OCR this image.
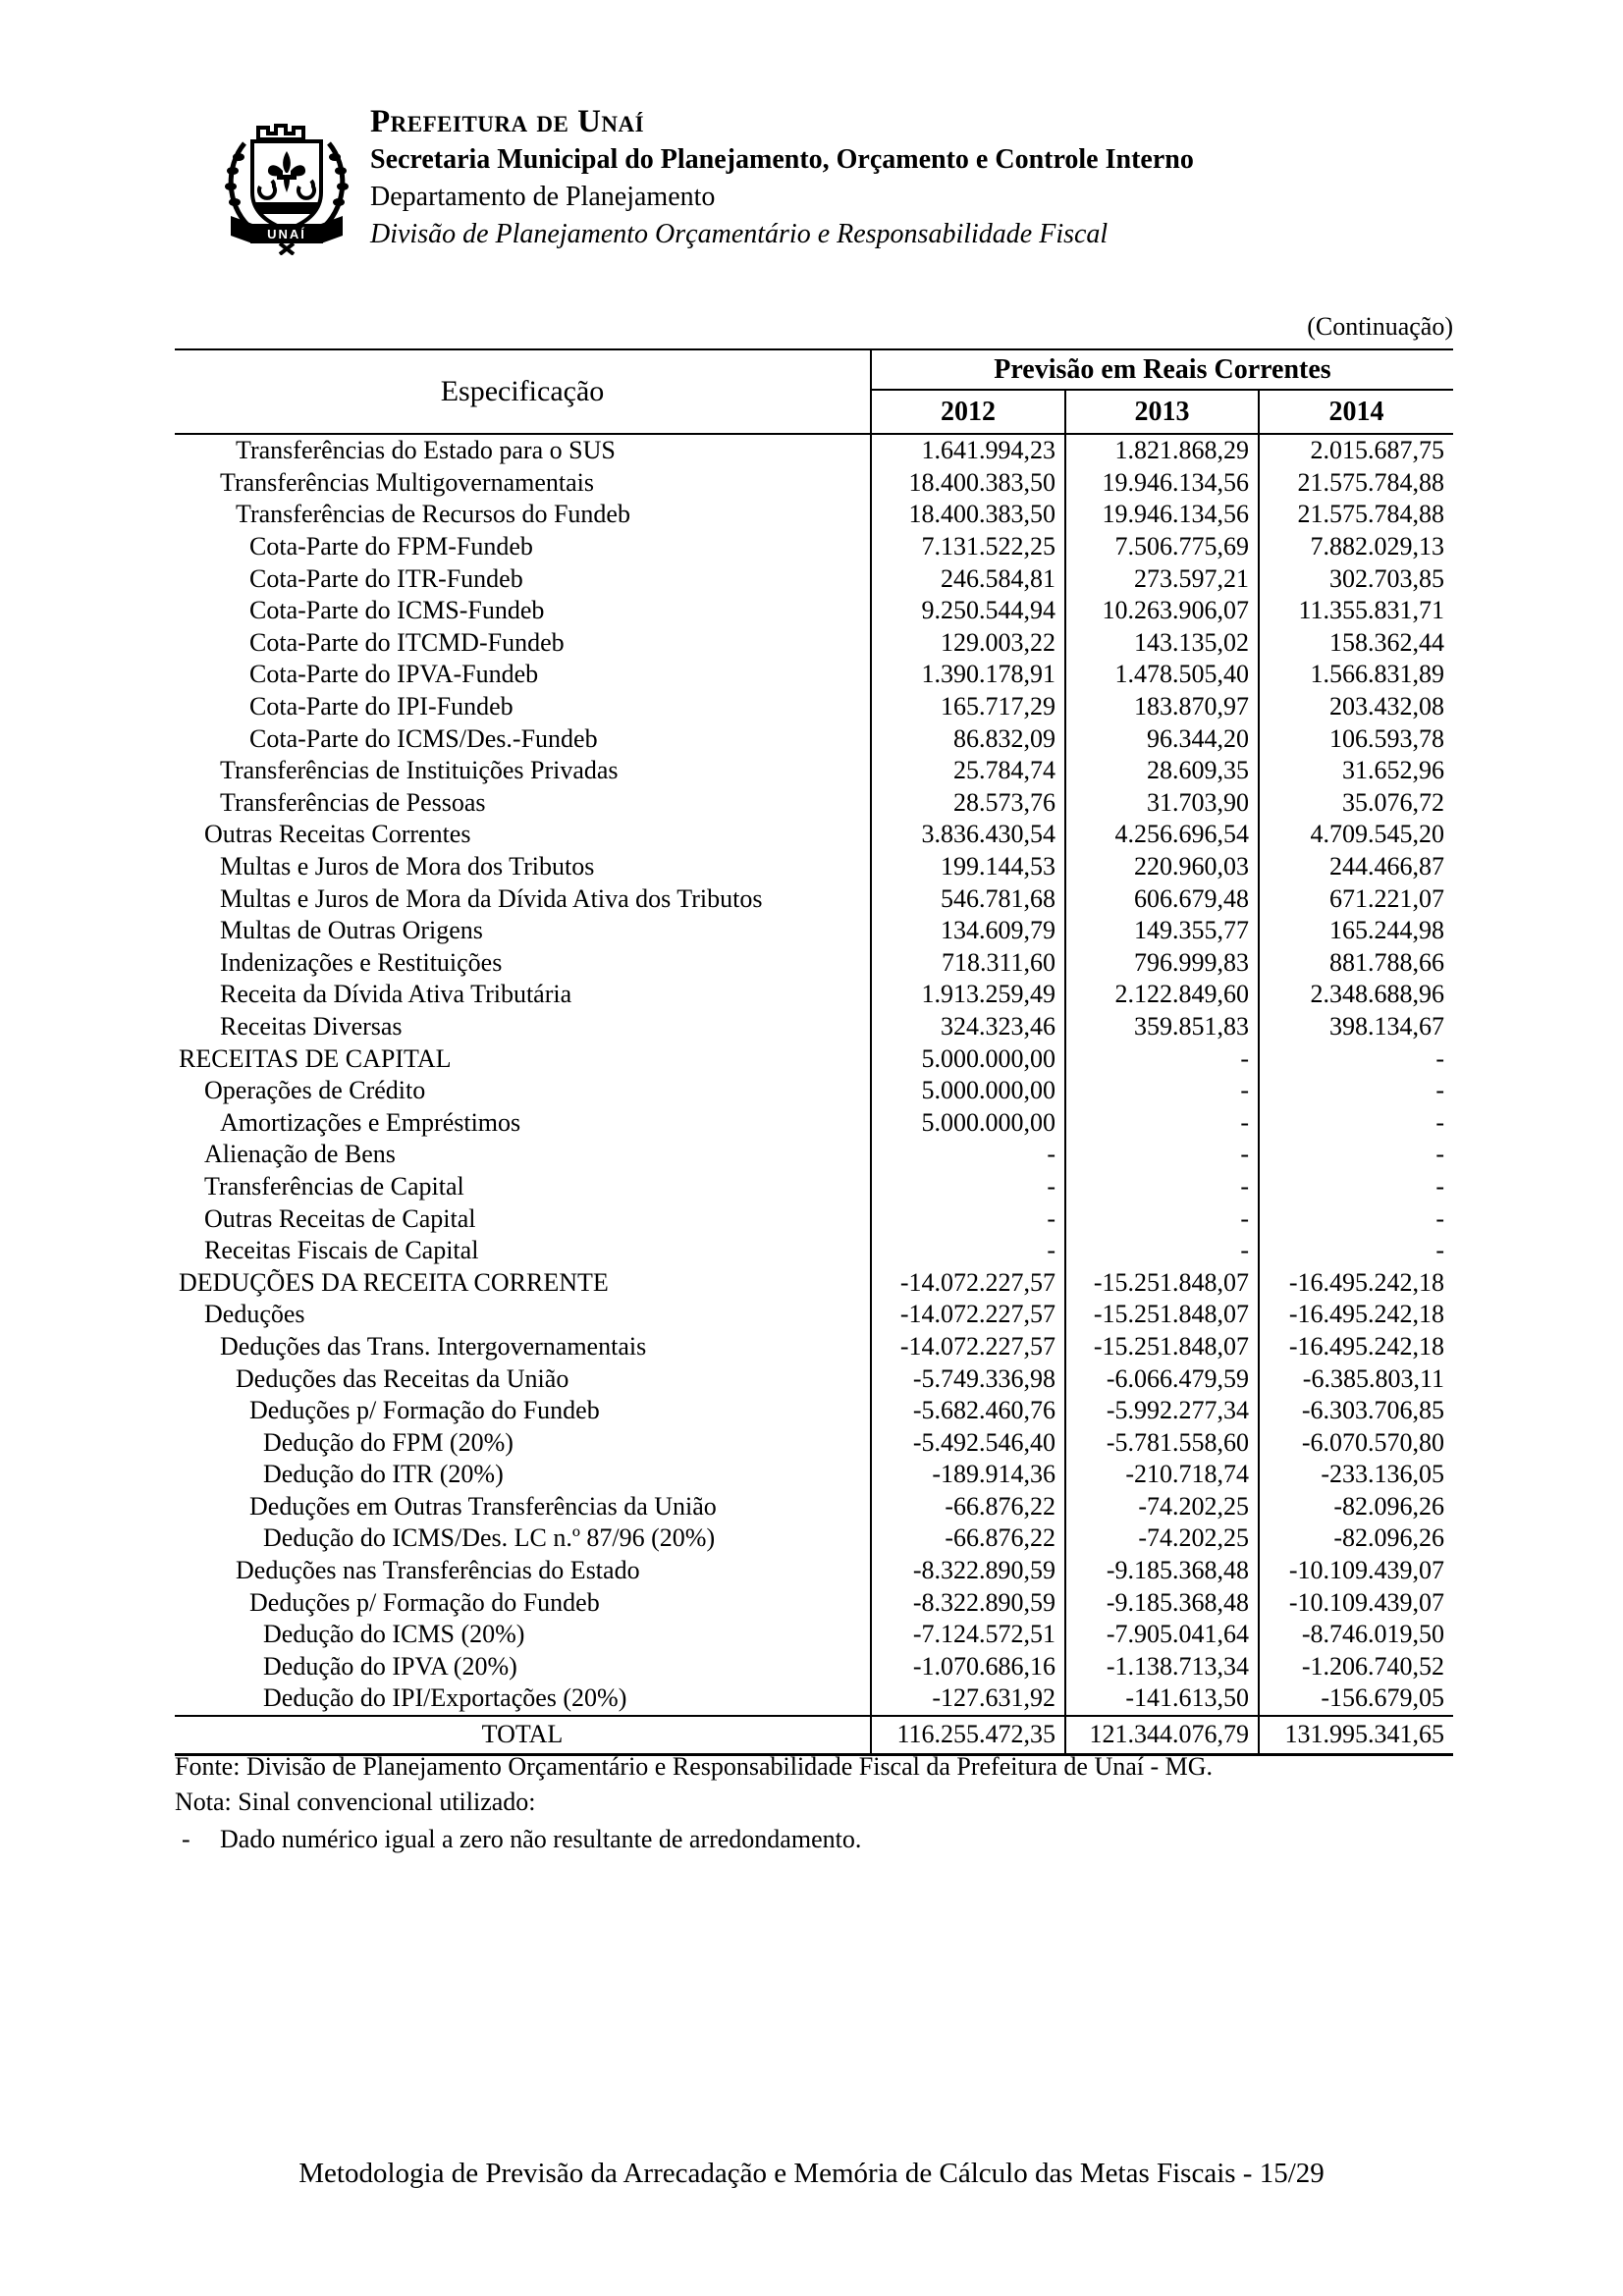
UNAÍ
Prefeitura de Unaí
Secretaria Municipal do Planejamento, Orçamento e Controle Interno
Departamento de Planejamento
Divisão de Planejamento Orçamentário e Responsabilidade Fiscal
(Continuação)
Especificação	Previsão em Reais Correntes		
	2012	2013	2014
Transferências do Estado para o SUS	1.641.994,23	1.821.868,29	2.015.687,75
Transferências Multigovernamentais	18.400.383,50	19.946.134,56	21.575.784,88
Transferências de Recursos do Fundeb	18.400.383,50	19.946.134,56	21.575.784,88
Cota-Parte do FPM-Fundeb	7.131.522,25	7.506.775,69	7.882.029,13
Cota-Parte do ITR-Fundeb	246.584,81	273.597,21	302.703,85
Cota-Parte do ICMS-Fundeb	9.250.544,94	10.263.906,07	11.355.831,71
Cota-Parte do ITCMD-Fundeb	129.003,22	143.135,02	158.362,44
Cota-Parte do IPVA-Fundeb	1.390.178,91	1.478.505,40	1.566.831,89
Cota-Parte do IPI-Fundeb	165.717,29	183.870,97	203.432,08
Cota-Parte do ICMS/Des.-Fundeb	86.832,09	96.344,20	106.593,78
Transferências de Instituições Privadas	25.784,74	28.609,35	31.652,96
Transferências de Pessoas	28.573,76	31.703,90	35.076,72
Outras Receitas Correntes	3.836.430,54	4.256.696,54	4.709.545,20
Multas e Juros de Mora dos Tributos	199.144,53	220.960,03	244.466,87
Multas e Juros de Mora da Dívida Ativa dos Tributos	546.781,68	606.679,48	671.221,07
Multas de Outras Origens	134.609,79	149.355,77	165.244,98
Indenizações e Restituições	718.311,60	796.999,83	881.788,66
Receita da Dívida Ativa Tributária	1.913.259,49	2.122.849,60	2.348.688,96
Receitas Diversas	324.323,46	359.851,83	398.134,67
RECEITAS DE CAPITAL	5.000.000,00	-	-
Operações de Crédito	5.000.000,00	-	-
Amortizações e Empréstimos	5.000.000,00	-	-
Alienação de Bens	-	-	-
Transferências de Capital	-	-	-
Outras Receitas de Capital	-	-	-
Receitas Fiscais de Capital	-	-	-
DEDUÇÕES DA RECEITA CORRENTE	-14.072.227,57	-15.251.848,07	-16.495.242,18
Deduções	-14.072.227,57	-15.251.848,07	-16.495.242,18
Deduções das Trans. Intergovernamentais	-14.072.227,57	-15.251.848,07	-16.495.242,18
Deduções das Receitas da União	-5.749.336,98	-6.066.479,59	-6.385.803,11
Deduções p/ Formação do Fundeb	-5.682.460,76	-5.992.277,34	-6.303.706,85
Dedução do FPM (20%)	-5.492.546,40	-5.781.558,60	-6.070.570,80
Dedução do ITR (20%)	-189.914,36	-210.718,74	-233.136,05
Deduções em Outras Transferências da União	-66.876,22	-74.202,25	-82.096,26
Dedução do ICMS/Des. LC n.º 87/96 (20%)	-66.876,22	-74.202,25	-82.096,26
Deduções nas Transferências do Estado	-8.322.890,59	-9.185.368,48	-10.109.439,07
Deduções p/ Formação do Fundeb	-8.322.890,59	-9.185.368,48	-10.109.439,07
Dedução do ICMS (20%)	-7.124.572,51	-7.905.041,64	-8.746.019,50
Dedução do IPVA (20%)	-1.070.686,16	-1.138.713,34	-1.206.740,52
Dedução do IPI/Exportações (20%)	-127.631,92	-141.613,50	-156.679,05
TOTAL	116.255.472,35	121.344.076,79	131.995.341,65
Fonte: Divisão de Planejamento Orçamentário e Responsabilidade Fiscal da Prefeitura de Unaí - MG.
Nota: Sinal convencional utilizado:
-	Dado numérico igual a zero não resultante de arredondamento.
Metodologia de Previsão da Arrecadação e Memória de Cálculo das Metas Fiscais - 15/29
